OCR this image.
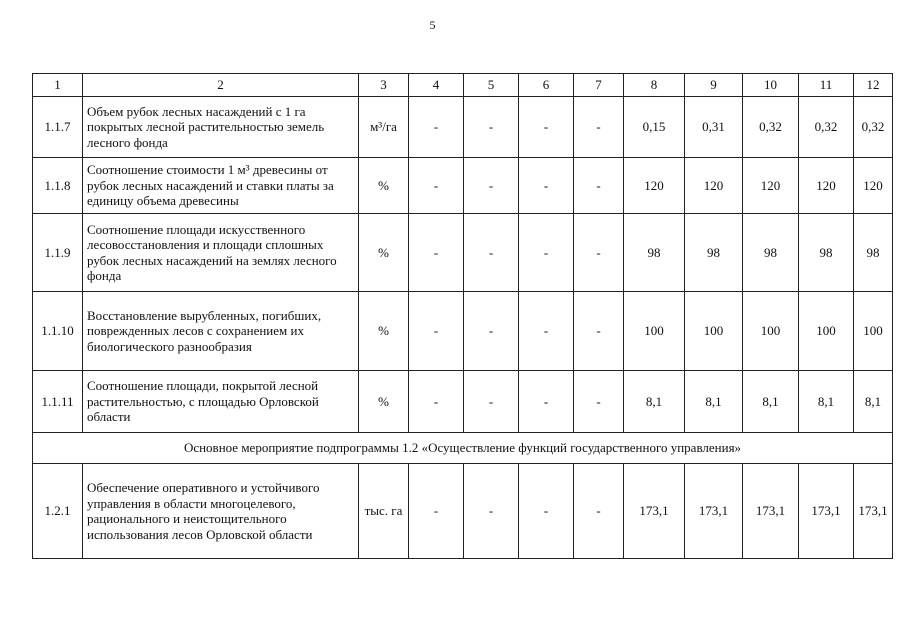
5
1	2	3	4	5	6	7	8	9	10	11	12
1.1.7	Объем рубок лесных насаждений с 1 га покрытых лесной растительностью земель лесного фонда	м³/га	-	-	-	-	0,15	0,31	0,32	0,32	0,32
1.1.8	Соотношение стоимости 1 м³ древесины от рубок лесных насаждений и ставки платы за единицу объема древесины	%	-	-	-	-	120	120	120	120	120
1.1.9	Соотношение площади искусственного лесовосстановления и площади сплошных рубок лесных насаждений на землях лесного фонда	%	-	-	-	-	98	98	98	98	98
1.1.10	Восстановление вырубленных, погибших, поврежденных лесов с сохранением их биологического разнообразия	%	-	-	-	-	100	100	100	100	100
1.1.11	Соотношение площади, покрытой лесной растительностью, с площадью Орловской области	%	-	-	-	-	8,1	8,1	8,1	8,1	8,1
Основное мероприятие подпрограммы 1.2 «Осуществление функций государственного управления»											
1.2.1	Обеспечение оперативного и устойчивого управления в области многоцелевого, рационального и неистощительного использования лесов Орловской области	тыс. га	-	-	-	-	173,1	173,1	173,1	173,1	173,1
